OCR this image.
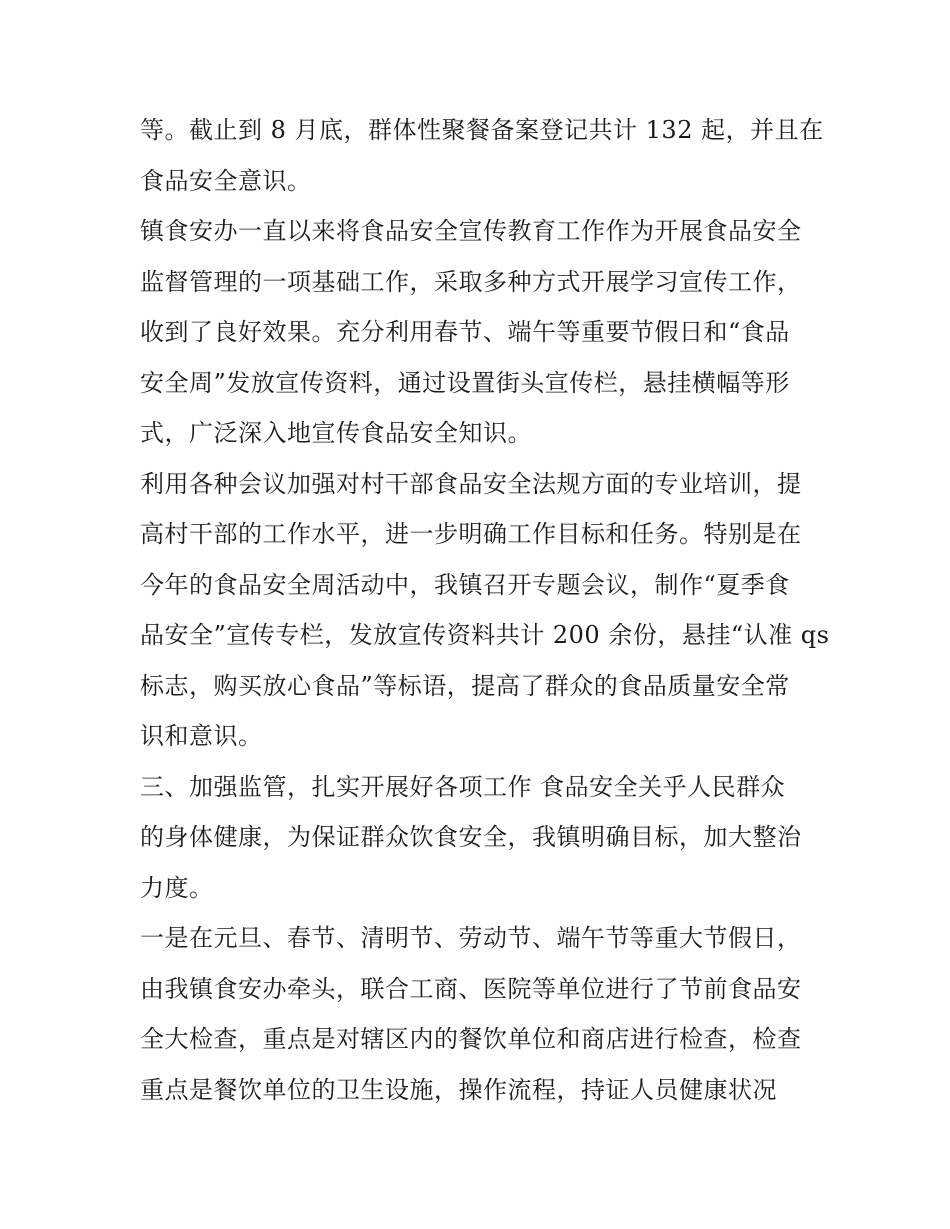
等。截止到 8 月底，群体性聚餐备案登记共计 132 起，并且在
食品安全意识。
镇食安办一直以来将食品安全宣传教育工作作为开展食品安全
监督管理的一项基础工作，采取多种方式开展学习宣传工作，
收到了良好效果。充分利用春节、端午等重要节假日和“食品
安全周”发放宣传资料，通过设置街头宣传栏，悬挂横幅等形
式，广泛深入地宣传食品安全知识。
利用各种会议加强对村干部食品安全法规方面的专业培训，提
高村干部的工作水平，进一步明确工作目标和任务。特别是在
今年的食品安全周活动中，我镇召开专题会议，制作“夏季食
品安全”宣传专栏，发放宣传资料共计 200 余份，悬挂“认准 qs
标志，购买放心食品”等标语，提高了群众的食品质量安全常
识和意识。
三、加强监管，扎实开展好各项工作 食品安全关乎人民群众
的身体健康，为保证群众饮食安全，我镇明确目标，加大整治
力度。
一是在元旦、春节、清明节、劳动节、端午节等重大节假日，
由我镇食安办牵头，联合工商、医院等单位进行了节前食品安
全大检查，重点是对辖区内的餐饮单位和商店进行检查，检查
重点是餐饮单位的卫生设施，操作流程，持证人员健康状况
